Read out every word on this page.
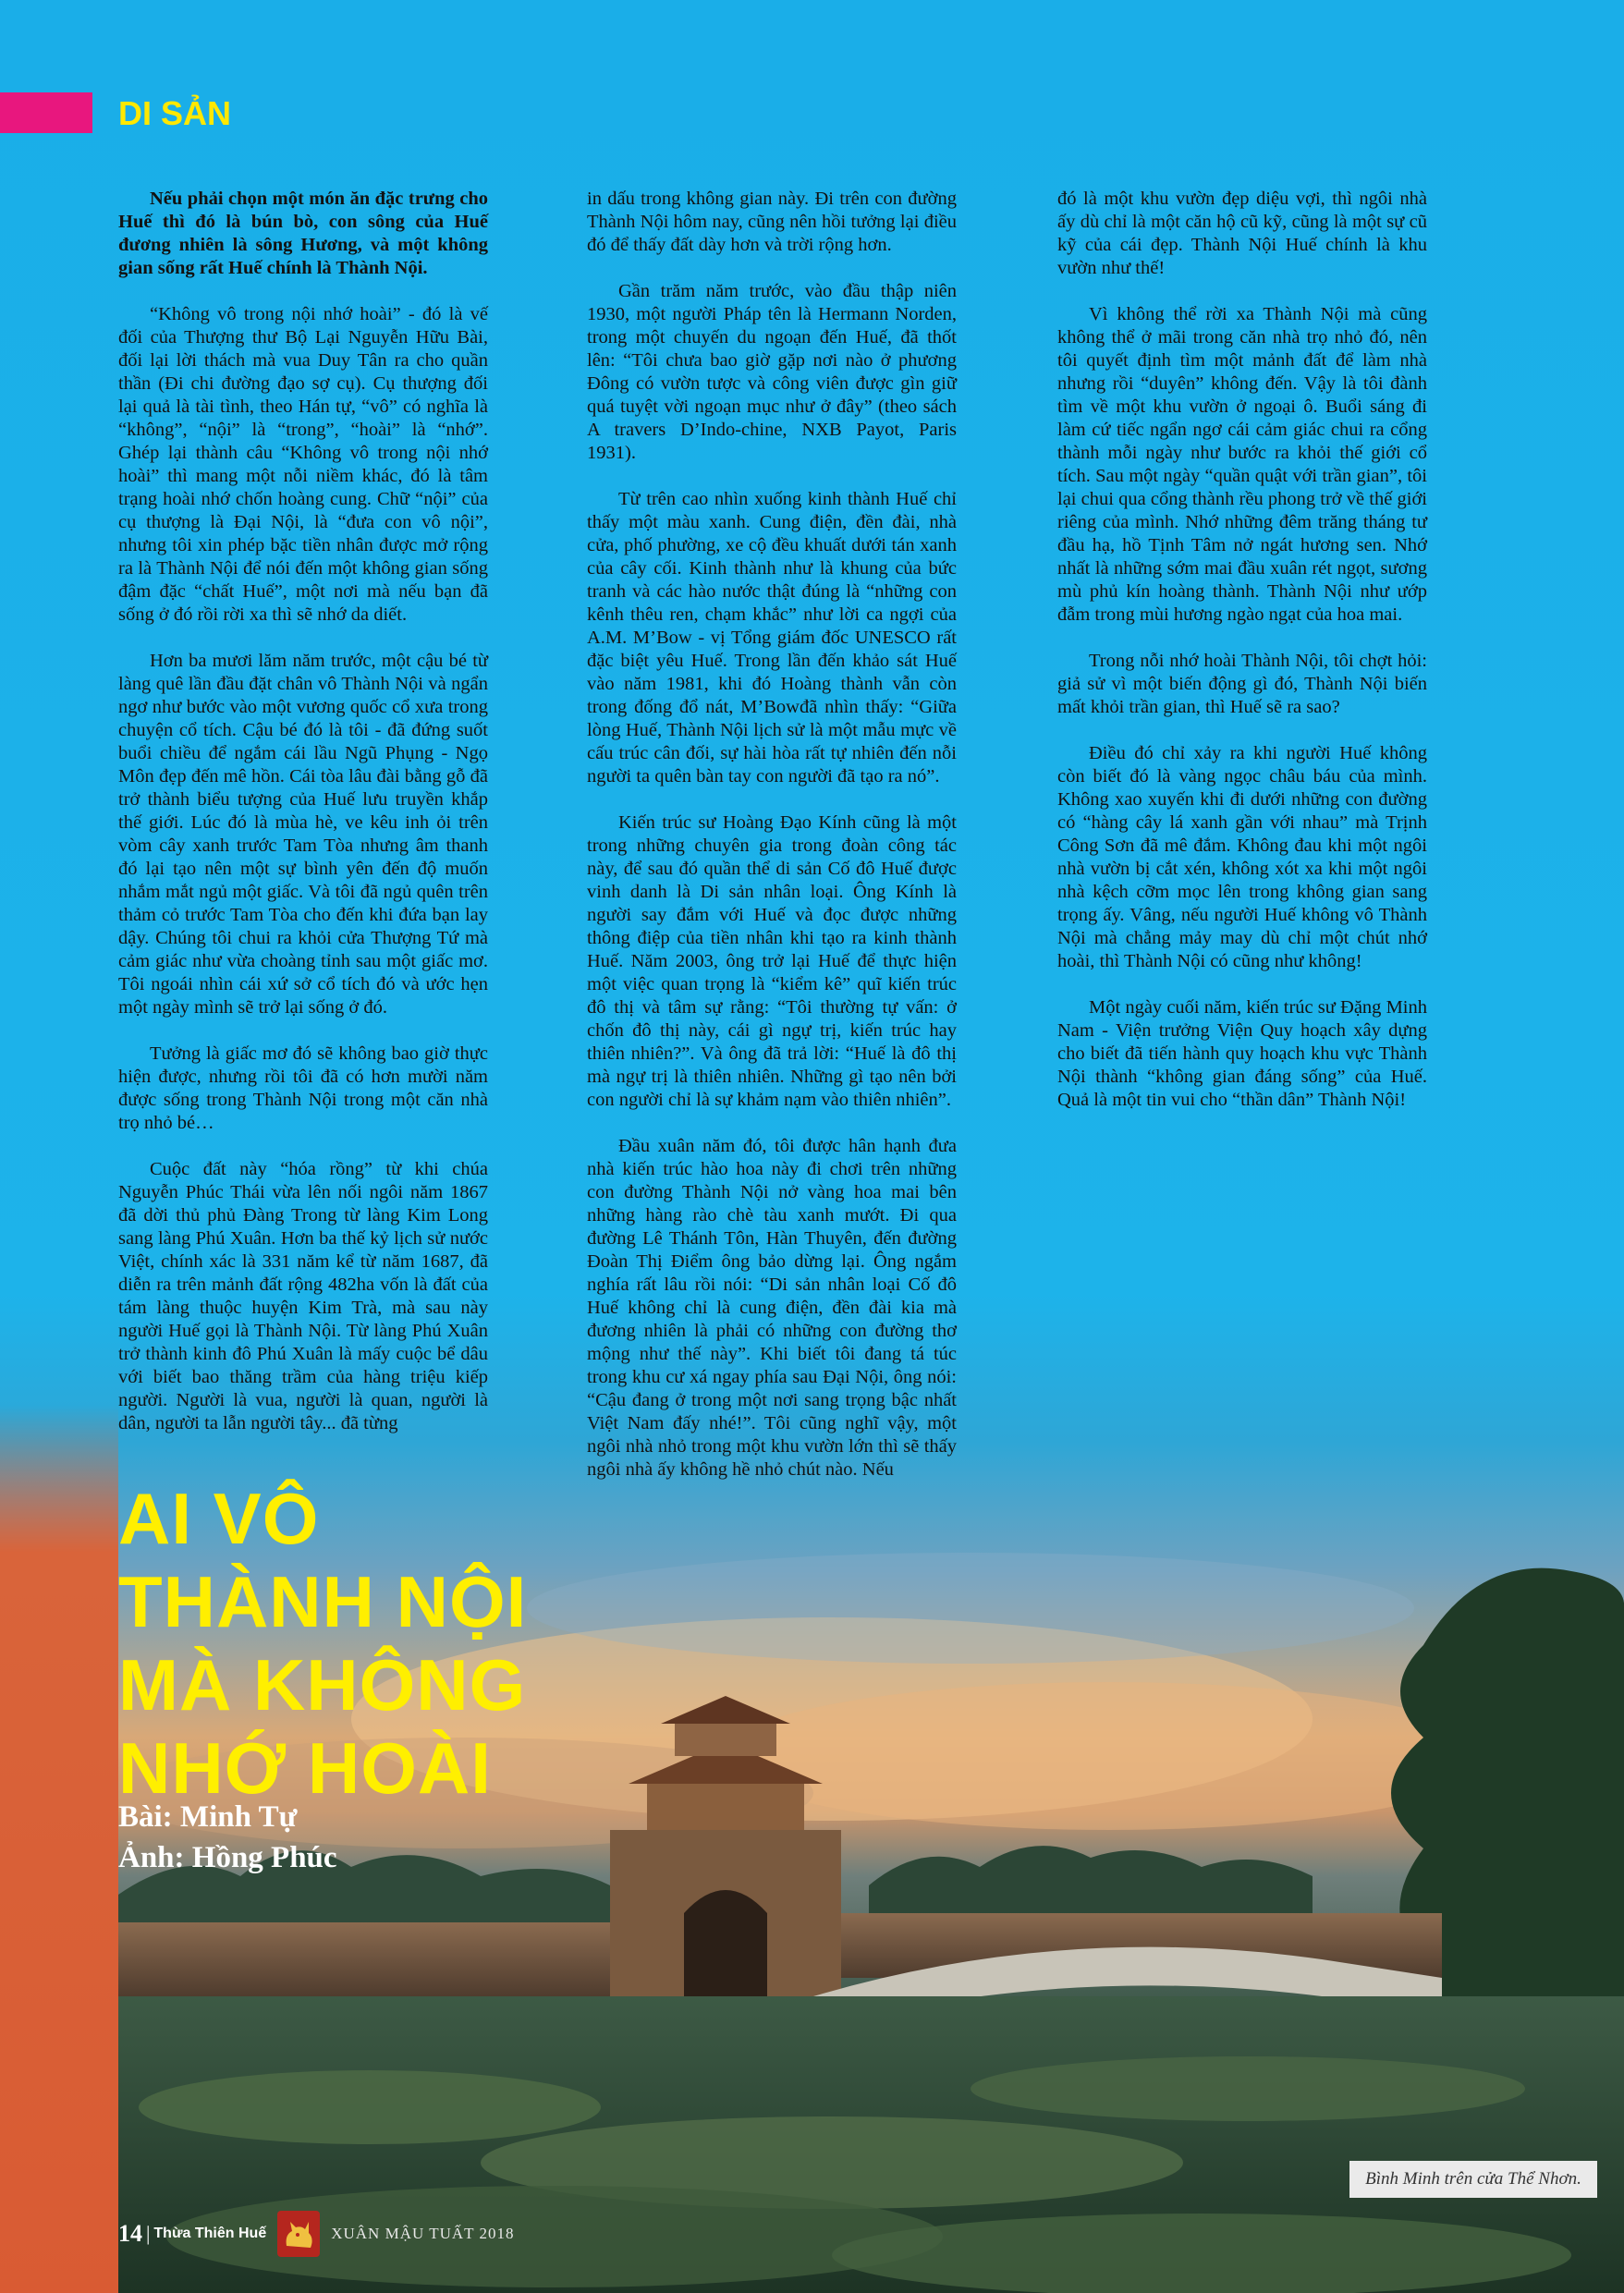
DI SẢN

Nếu phải chọn một món ăn đặc trưng cho Huế thì đó là bún bò, con sông của Huế đương nhiên là sông Hương, và một không gian sống rất Huế chính là Thành Nội.

“Không vô trong nội nhớ hoài” - đó là vế đối của Thượng thư Bộ Lại Nguyễn Hữu Bài, đối lại lời thách mà vua Duy Tân ra cho quần thần (Đi chi đường đạo sợ cụ). Cụ thượng đối lại quả là tài tình, theo Hán tự, “vô” có nghĩa là “không”, “nội” là “trong”, “hoài” là “nhớ”. Ghép lại thành câu “Không vô trong nội nhớ hoài” thì mang một nỗi niềm khác, đó là tâm trạng hoài nhớ chốn hoàng cung. Chữ “nội” của cụ thượng là Đại Nội, là “đưa con vô nội”, nhưng tôi xin phép bặc tiền nhân được mở rộng ra là Thành Nội để nói đến một không gian sống đậm đặc “chất Huế”, một nơi mà nếu bạn đã sống ở đó rồi rời xa thì sẽ nhớ da diết.

Hơn ba mươi lăm năm trước, một cậu bé từ làng quê lần đầu đặt chân vô Thành Nội và ngẩn ngơ như bước vào một vương quốc cổ xưa trong chuyện cổ tích. Cậu bé đó là tôi - đã đứng suốt buổi chiều để ngắm cái lầu Ngũ Phụng - Ngọ Môn đẹp đến mê hồn. Cái tòa lâu đài bằng gỗ đã trở thành biểu tượng của Huế lưu truyền khắp thế giới. Lúc đó là mùa hè, ve kêu inh ỏi trên vòm cây xanh trước Tam Tòa nhưng âm thanh đó lại tạo nên một sự bình yên đến độ muốn nhắm mắt ngủ một giấc. Và tôi đã ngủ quên trên thảm cỏ trước Tam Tòa cho đến khi đứa bạn lay dậy. Chúng tôi chui ra khỏi cửa Thượng Tứ mà cảm giác như vừa choàng tỉnh sau một giấc mơ. Tôi ngoái nhìn cái xứ sở cổ tích đó và ước hẹn một ngày mình sẽ trở lại sống ở đó.

Tưởng là giấc mơ đó sẽ không bao giờ thực hiện được, nhưng rồi tôi đã có hơn mười năm được sống trong Thành Nội trong một căn nhà trọ nhỏ bé…

Cuộc đất này “hóa rồng” từ khi chúa Nguyễn Phúc Thái vừa lên nối ngôi năm 1867 đã dời thủ phủ Đàng Trong từ làng Kim Long sang làng Phú Xuân. Hơn ba thế kỷ lịch sử nước Việt, chính xác là 331 năm kể từ năm 1687, đã diễn ra trên mảnh đất rộng 482ha vốn là đất của tám làng thuộc huyện Kim Trà, mà sau này người Huế gọi là Thành Nội. Từ làng Phú Xuân trở thành kinh đô Phú Xuân là mấy cuộc bể dâu với biết bao thăng trầm của hàng triệu kiếp người. Người là vua, người là quan, người là dân, người ta lẫn người tây... đã từng

in dấu trong không gian này. Đi trên con đường Thành Nội hôm nay, cũng nên hồi tưởng lại điều đó để thấy đất dày hơn và trời rộng hơn.

Gần trăm năm trước, vào đầu thập niên 1930, một người Pháp tên là Hermann Norden, trong một chuyến du ngoạn đến Huế, đã thốt lên: “Tôi chưa bao giờ gặp nơi nào ở phương Đông có vườn tược và công viên được gìn giữ quá tuyệt vời ngoạn mục như ở đây” (theo sách A travers D’Indo-chine, NXB Payot, Paris 1931).

Từ trên cao nhìn xuống kinh thành Huế chỉ thấy một màu xanh. Cung điện, đền đài, nhà cửa, phố phường, xe cộ đều khuất dưới tán xanh của cây cối. Kinh thành như là khung của bức tranh và các hào nước thật đúng là “những con kênh thêu ren, chạm khắc” như lời ca ngợi của A.M. M’Bow - vị Tổng giám đốc UNESCO rất đặc biệt yêu Huế. Trong lần đến khảo sát Huế vào năm 1981, khi đó Hoàng thành vẫn còn trong đống đổ nát, M’Bowđã nhìn thấy: “Giữa lòng Huế, Thành Nội lịch sử là một mẫu mực về cấu trúc cân đối, sự hài hòa rất tự nhiên đến nỗi người ta quên bàn tay con người đã tạo ra nó”.

Kiến trúc sư Hoàng Đạo Kính cũng là một trong những chuyên gia trong đoàn công tác này, để sau đó quần thể di sản Cố đô Huế được vinh danh là Di sản nhân loại. Ông Kính là người say đắm với Huế và đọc được những thông điệp của tiền nhân khi tạo ra kinh thành Huế. Năm 2003, ông trở lại Huế để thực hiện một việc quan trọng là “kiểm kê” quĩ kiến trúc đô thị và tâm sự rằng: “Tôi thường tự vấn: ở chốn đô thị này, cái gì ngự trị, kiến trúc hay thiên nhiên?”. Và ông đã trả lời: “Huế là đô thị mà ngự trị là thiên nhiên. Những gì tạo nên bởi con người chỉ là sự khảm nạm vào thiên nhiên”.

Đầu xuân năm đó, tôi được hân hạnh đưa nhà kiến trúc hào hoa này đi chơi trên những con đường Thành Nội nở vàng hoa mai bên những hàng rào chè tàu xanh mướt. Đi qua đường Lê Thánh Tôn, Hàn Thuyên, đến đường Đoàn Thị Điểm ông bảo dừng lại. Ông ngắm nghía rất lâu rồi nói: “Di sản nhân loại Cố đô Huế không chỉ là cung điện, đền đài kia mà đương nhiên là phải có những con đường thơ mộng như thế này”. Khi biết tôi đang tá túc trong khu cư xá ngay phía sau Đại Nội, ông nói: “Cậu đang ở trong một nơi sang trọng bậc nhất Việt Nam đấy nhé!”. Tôi cũng nghĩ vậy, một ngôi nhà nhỏ trong một khu vườn lớn thì sẽ thấy ngôi nhà ấy không hề nhỏ chút nào. Nếu

đó là một khu vườn đẹp diệu vợi, thì ngôi nhà ấy dù chỉ là một căn hộ cũ kỹ, cũng là một sự cũ kỹ của cái đẹp. Thành Nội Huế chính là khu vườn như thế!

Vì không thể rời xa Thành Nội mà cũng không thể ở mãi trong căn nhà trọ nhỏ đó, nên tôi quyết định tìm một mảnh đất để làm nhà nhưng rồi “duyên” không đến. Vậy là tôi đành tìm về một khu vườn ở ngoại ô. Buổi sáng đi làm cứ tiếc ngẩn ngơ cái cảm giác chui ra cổng thành mỗi ngày như bước ra khỏi thế giới cổ tích. Sau một ngày “quần quật với trần gian”, tôi lại chui qua cổng thành rều phong trở về thế giới riêng của mình. Nhớ những đêm trăng tháng tư đầu hạ, hồ Tịnh Tâm nở ngát hương sen. Nhớ nhất là những sớm mai đầu xuân rét ngọt, sương mù phủ kín hoàng thành. Thành Nội như ướp đẫm trong mùi hương ngào ngạt của hoa mai.

Trong nỗi nhớ hoài Thành Nội, tôi chợt hỏi: giả sử vì một biến động gì đó, Thành Nội biến mất khỏi trần gian, thì Huế sẽ ra sao?

Điều đó chỉ xảy ra khi người Huế không còn biết đó là vàng ngọc châu báu của mình. Không xao xuyến khi đi dưới những con đường có “hàng cây lá xanh gần với nhau” mà Trịnh Công Sơn đã mê đắm. Không đau khi một ngôi nhà vườn bị cắt xén, không xót xa khi một ngôi nhà kệch cỡm mọc lên trong không gian sang trọng ấy. Vâng, nếu người Huế không vô Thành Nội mà chẳng mảy may dù chỉ một chút nhớ hoài, thì Thành Nội có cũng như không!

Một ngày cuối năm, kiến trúc sư Đặng Minh Nam - Viện trưởng Viện Quy hoạch xây dựng cho biết đã tiến hành quy hoạch khu vực Thành Nội thành “không gian đáng sống” của Huế. Quả là một tin vui cho “thần dân” Thành Nội!

AI VÔ
THÀNH NỘI
MÀ KHÔNG
NHỚ HOÀI
Bài: Minh Tự
Ảnh: Hồng Phúc
Bình Minh trên cửa Thể Nhơn.
14 | Thừa Thiên Huế	XUÂN MẬU TUẤT 2018
